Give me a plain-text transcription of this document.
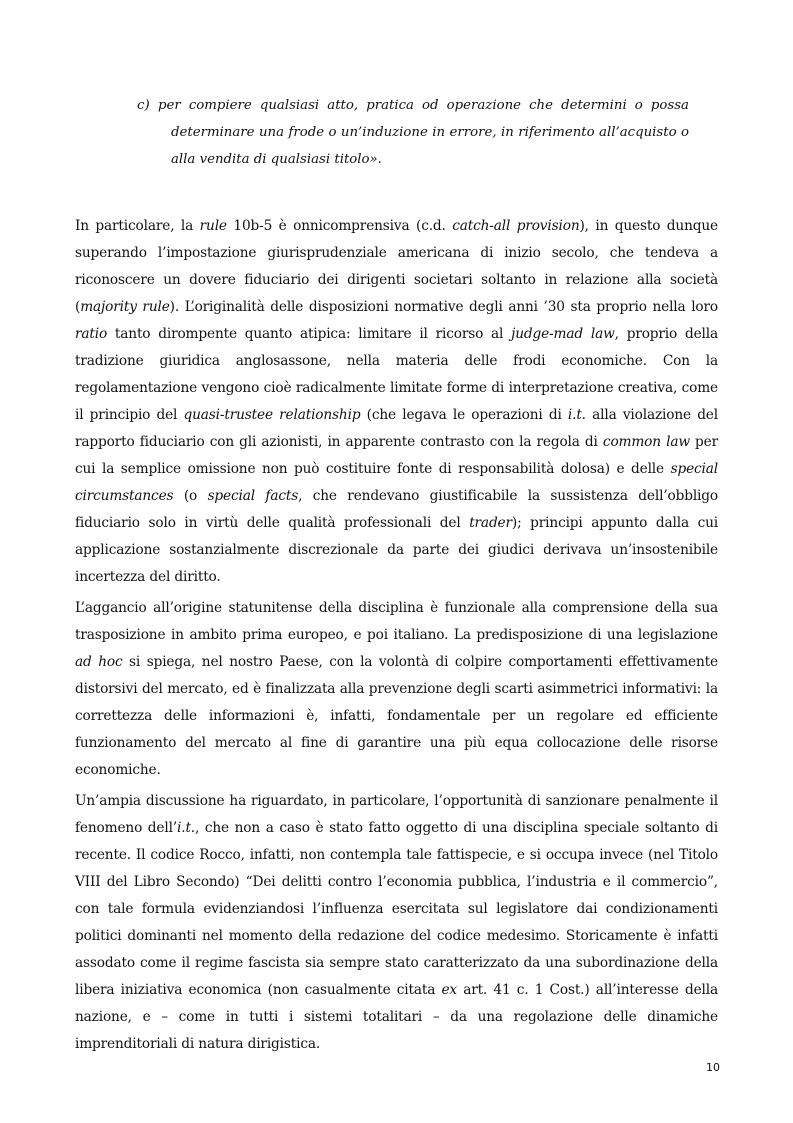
c) per compiere qualsiasi atto, pratica od operazione che determini o possa determinare una frode o un’induzione in errore, in riferimento all’acquisto o alla vendita di qualsiasi titolo».

In particolare, la rule 10b-5 è onnicomprensiva (c.d. catch-all provision), in questo dunque superando l’impostazione giurisprudenziale americana di inizio secolo, che tendeva a riconoscere un dovere fiduciario dei dirigenti societari soltanto in relazione alla società (majority rule). L’originalità delle disposizioni normative degli anni ’30 sta proprio nella loro ratio tanto dirompente quanto atipica: limitare il ricorso al judge-mad law, proprio della tradizione giuridica anglosassone, nella materia delle frodi economiche. Con la regolamentazione vengono cioè radicalmente limitate forme di interpretazione creativa, come il principio del quasi-trustee relationship (che legava le operazioni di i.t. alla violazione del rapporto fiduciario con gli azionisti, in apparente contrasto con la regola di common law per cui la semplice omissione non può costituire fonte di responsabilità dolosa) e delle special circumstances (o special facts, che rendevano giustificabile la sussistenza dell’obbligo fiduciario solo in virtù delle qualità professionali del trader); principi appunto dalla cui applicazione sostanzialmente discrezionale da parte dei giudici derivava un’insostenibile incertezza del diritto.

L’aggancio all’origine statunitense della disciplina è funzionale alla comprensione della sua trasposizione in ambito prima europeo, e poi italiano. La predisposizione di una legislazione ad hoc si spiega, nel nostro Paese, con la volontà di colpire comportamenti effettivamente distorsivi del mercato, ed è finalizzata alla prevenzione degli scarti asimmetrici informativi: la correttezza delle informazioni è, infatti, fondamentale per un regolare ed efficiente funzionamento del mercato al fine di garantire una più equa collocazione delle risorse economiche.

Un’ampia discussione ha riguardato, in particolare, l’opportunità di sanzionare penalmente il fenomeno dell’i.t., che non a caso è stato fatto oggetto di una disciplina speciale soltanto di recente. Il codice Rocco, infatti, non contempla tale fattispecie, e si occupa invece (nel Titolo VIII del Libro Secondo) “Dei delitti contro l’economia pubblica, l’industria e il commercio”, con tale formula evidenziandosi l’influenza esercitata sul legislatore dai condizionamenti politici dominanti nel momento della redazione del codice medesimo. Storicamente è infatti assodato come il regime fascista sia sempre stato caratterizzato da una subordinazione della libera iniziativa economica (non casualmente citata ex art. 41 c. 1 Cost.) all’interesse della nazione, e – come in tutti i sistemi totalitari – da una regolazione delle dinamiche imprenditoriali di natura dirigistica.

10
